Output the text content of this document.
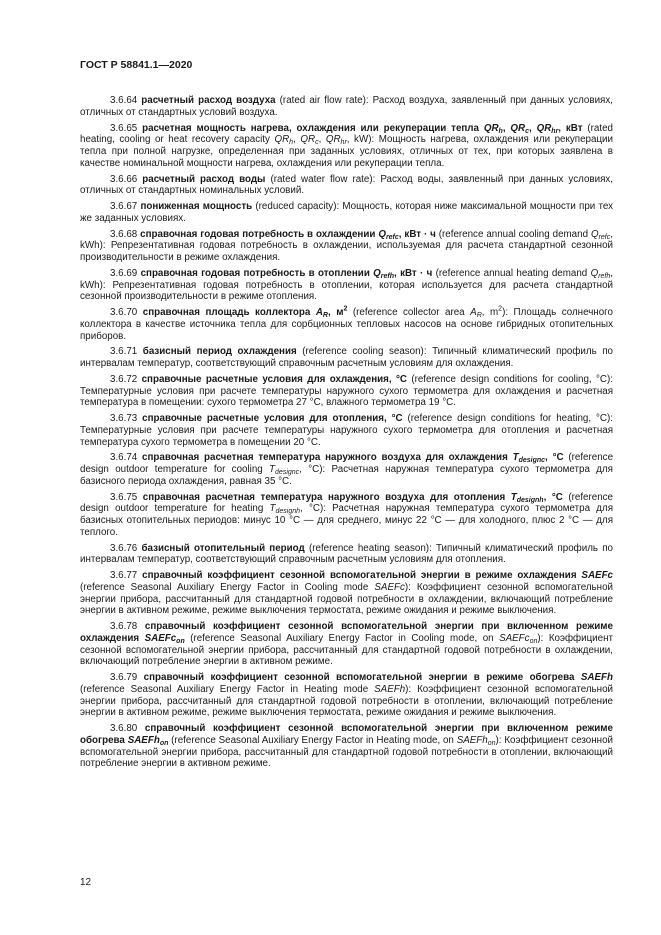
ГОСТ Р 58841.1—2020

3.6.64 расчетный расход воздуха (rated air flow rate): Расход воздуха, заявленный при данных условиях, отличных от стандартных условий воздуха.

3.6.65 расчетная мощность нагрева, охлаждения или рекуперации тепла $QR_h$, $QR_c$, $QR_{hr}$, кВт (rated heating, cooling or heat recovery capacity $QR_h$, $QR_c$, $QR_{hr}$, kW): Мощность нагрева, охлаждения или рекуперации тепла при полной нагрузке, определенная при заданных условиях, отличных от тех, при которых заявлена в качестве номинальной мощности нагрева, охлаждения или рекуперации тепла.

3.6.66 расчетный расход воды (rated water flow rate): Расход воды, заявленный при данных условиях, отличных от стандартных номинальных условий.

3.6.67 пониженная мощность (reduced capacity): Мощность, которая ниже максимальной мощности при тех же заданных условиях.

3.6.68 справочная годовая потребность в охлаждении $Q_{refc}$, кВт · ч (reference annual cooling demand $Q_{refc}$, kWh): Репрезентативная годовая потребность в охлаждении, используемая для расчета стандартной сезонной производительности в режиме охлаждения.

3.6.69 справочная годовая потребность в отоплении $Q_{refh}$, кВт · ч (reference annual heating demand $Q_{refh}$, kWh): Репрезентативная годовая потребность в отоплении, которая используется для расчета стандартной сезонной производительности в режиме отопления.

3.6.70 справочная площадь коллектора $A_R$, $м^2$ (reference collector area $A_R$, $m^2$): Площадь солнечного коллектора в качестве источника тепла для сорбционных тепловых насосов на основе гибридных отопительных приборов.

3.6.71 базисный период охлаждения (reference cooling season): Типичный климатический профиль по интервалам температур, соответствующий справочным расчетным условиям для охлаждения.

3.6.72 справочные расчетные условия для охлаждения, °С (reference design conditions for cooling, °C): Температурные условия при расчете температуры наружного сухого термометра для охлаждения и расчетная температура в помещении: сухого термометра 27 °С, влажного термометра 19 °С.

3.6.73 справочные расчетные условия для отопления, °С (reference design conditions for heating, °C): Температурные условия при расчете температуры наружного сухого термометра для отопления и расчетная температура сухого термометра в помещении 20 °С.

3.6.74 справочная расчетная температура наружного воздуха для охлаждения $T_{designc}$, °С (reference design outdoor temperature for cooling $T_{designc}$, °C): Расчетная наружная температура сухого термометра для базисного периода охлаждения, равная 35 °С.

3.6.75 справочная расчетная температура наружного воздуха для отопления $T_{designh}$, °С (reference design outdoor temperature for heating $T_{designh}$, °C): Расчетная наружная температура сухого термометра для базисных отопительных периодов: минус 10 °С — для среднего, минус 22 °С — для холодного, плюс 2 °С — для теплого.

3.6.76 базисный отопительный период (reference heating season): Типичный климатический профиль по интервалам температур, соответствующий справочным расчетным условиям для отопления.

3.6.77 справочный коэффициент сезонной вспомогательной энергии в режиме охлаждения SAEFc (reference Seasonal Auxiliary Energy Factor in Cooling mode SAEFc): Коэффициент сезонной вспомогательной энергии прибора, рассчитанный для стандартной годовой потребности в охлаждении, включающий потребление энергии в активном режиме, режиме выключения термостата, режиме ожидания и режиме выключения.

3.6.78 справочный коэффициент сезонной вспомогательной энергии при включенном режиме охлаждения SAEFc$_{on}$ (reference Seasonal Auxiliary Energy Factor in Cooling mode, on SAEFc$_{on}$): Коэффициент сезонной вспомогательной энергии прибора, рассчитанный для стандартной годовой потребности в охлаждении, включающий потребление энергии в активном режиме.

3.6.79 справочный коэффициент сезонной вспомогательной энергии в режиме обогрева SAEFh (reference Seasonal Auxiliary Energy Factor in Heating mode SAEFh): Коэффициент сезонной вспомогательной энергии прибора, рассчитанный для стандартной годовой потребности в отоплении, включающий потребление энергии в активном режиме, режиме выключения термостата, режиме ожидания и режиме выключения.

3.6.80 справочный коэффициент сезонной вспомогательной энергии при включенном режиме обогрева SAEFh$_{on}$ (reference Seasonal Auxiliary Energy Factor in Heating mode, on SAEFh$_{on}$): Коэффициент сезонной вспомогательной энергии прибора, рассчитанный для стандартной годовой потребности в отоплении, включающий потребление энергии в активном режиме.

12
